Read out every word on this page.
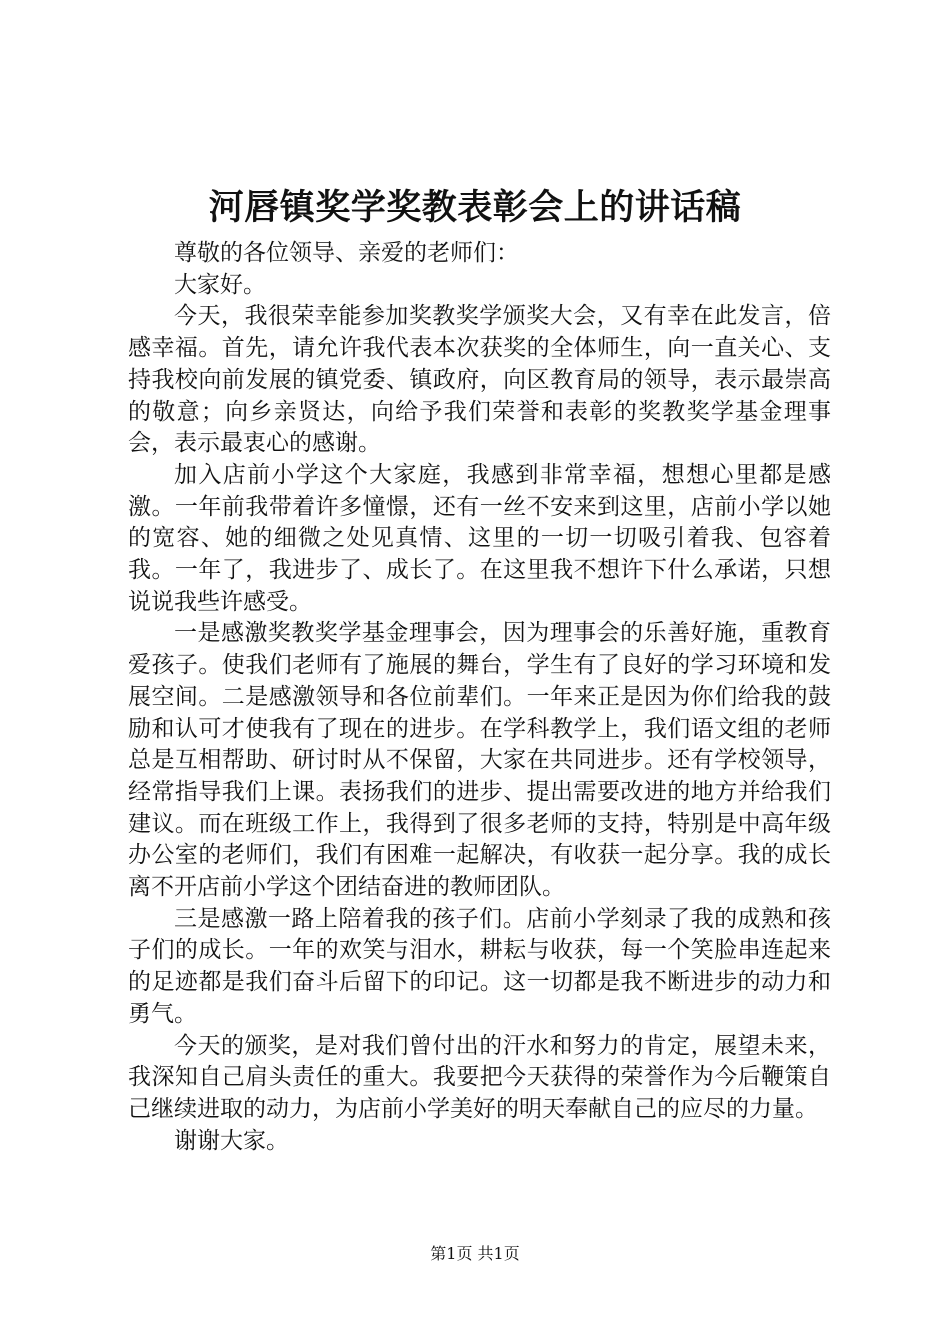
河唇镇奖学奖教表彰会上的讲话稿

尊敬的各位领导、亲爱的老师们：

大家好。

今天，我很荣幸能参加奖教奖学颁奖大会，又有幸在此发言，倍感幸福。首先，请允许我代表本次获奖的全体师生，向一直关心、支持我校向前发展的镇党委、镇政府，向区教育局的领导，表示最崇高的敬意；向乡亲贤达，向给予我们荣誉和表彰的奖教奖学基金理事会，表示最衷心的感谢。

加入店前小学这个大家庭，我感到非常幸福，想想心里都是感激。一年前我带着许多憧憬，还有一丝不安来到这里，店前小学以她的宽容、她的细微之处见真情、这里的一切一切吸引着我、包容着我。一年了，我进步了、成长了。在这里我不想许下什么承诺，只想说说我些许感受。

一是感激奖教奖学基金理事会，因为理事会的乐善好施，重教育爱孩子。使我们老师有了施展的舞台，学生有了良好的学习环境和发展空间。二是感激领导和各位前辈们。一年来正是因为你们给我的鼓励和认可才使我有了现在的进步。在学科教学上，我们语文组的老师总是互相帮助、研讨时从不保留，大家在共同进步。还有学校领导，经常指导我们上课。表扬我们的进步、提出需要改进的地方并给我们建议。而在班级工作上，我得到了很多老师的支持，特别是中高年级办公室的老师们，我们有困难一起解决，有收获一起分享。我的成长离不开店前小学这个团结奋进的教师团队。

三是感激一路上陪着我的孩子们。店前小学刻录了我的成熟和孩子们的成长。一年的欢笑与泪水，耕耘与收获，每一个笑脸串连起来的足迹都是我们奋斗后留下的印记。这一切都是我不断进步的动力和勇气。

今天的颁奖，是对我们曾付出的汗水和努力的肯定，展望未来，我深知自己肩头责任的重大。我要把今天获得的荣誉作为今后鞭策自己继续进取的动力，为店前小学美好的明天奉献自己的应尽的力量。

谢谢大家。

第1页 共1页
